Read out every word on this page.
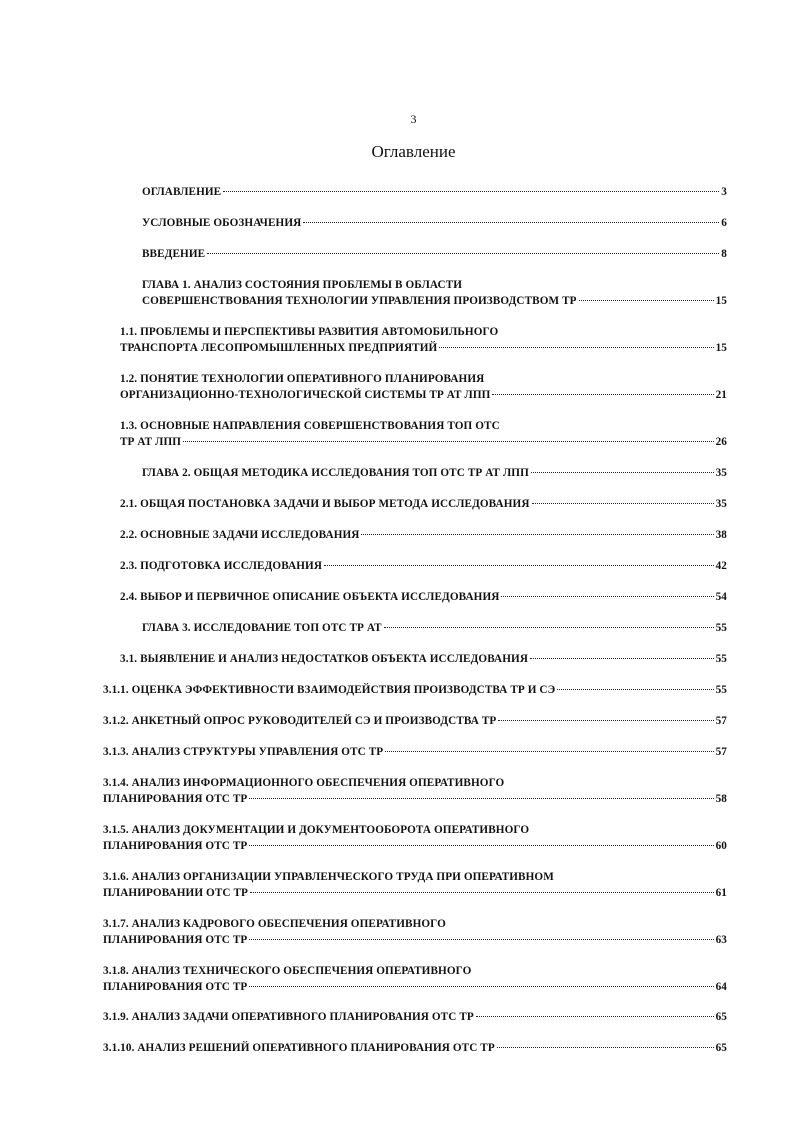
3
Оглавление
ОГЛАВЛЕНИЕ	3
УСЛОВНЫЕ ОБОЗНАЧЕНИЯ	6
ВВЕДЕНИЕ	8
ГЛАВА 1. АНАЛИЗ СОСТОЯНИЯ ПРОБЛЕМЫ В ОБЛАСТИ
СОВЕРШЕНСТВОВАНИЯ ТЕХНОЛОГИИ УПРАВЛЕНИЯ ПРОИЗВОДСТВОМ ТР	15
1.1. ПРОБЛЕМЫ И ПЕРСПЕКТИВЫ РАЗВИТИЯ АВТОМОБИЛЬНОГО
ТРАНСПОРТА ЛЕСОПРОМЫШЛЕННЫХ ПРЕДПРИЯТИЙ	15
1.2. ПОНЯТИЕ ТЕХНОЛОГИИ ОПЕРАТИВНОГО ПЛАНИРОВАНИЯ
ОРГАНИЗАЦИОННО-ТЕХНОЛОГИЧЕСКОЙ СИСТЕМЫ ТР АТ ЛПП	21
1.3. ОСНОВНЫЕ НАПРАВЛЕНИЯ СОВЕРШЕНСТВОВАНИЯ ТОП ОТС
ТР АТ ЛПП	26
ГЛАВА 2. ОБЩАЯ МЕТОДИКА ИССЛЕДОВАНИЯ ТОП ОТС ТР АТ ЛПП	35
2.1. ОБЩАЯ ПОСТАНОВКА ЗАДАЧИ И ВЫБОР МЕТОДА ИССЛЕДОВАНИЯ	35
2.2. ОСНОВНЫЕ ЗАДАЧИ ИССЛЕДОВАНИЯ	38
2.3. ПОДГОТОВКА ИССЛЕДОВАНИЯ	42
2.4. ВЫБОР И ПЕРВИЧНОЕ ОПИСАНИЕ ОБЪЕКТА ИССЛЕДОВАНИЯ	54
ГЛАВА 3. ИССЛЕДОВАНИЕ ТОП ОТС ТР АТ	55
3.1. ВЫЯВЛЕНИЕ И АНАЛИЗ НЕДОСТАТКОВ ОБЪЕКТА ИССЛЕДОВАНИЯ	55
3.1.1. ОЦЕНКА ЭФФЕКТИВНОСТИ ВЗАИМОДЕЙСТВИЯ ПРОИЗВОДСТВА ТР И СЭ	55
3.1.2. АНКЕТНЫЙ ОПРОС РУКОВОДИТЕЛЕЙ СЭ И ПРОИЗВОДСТВА ТР	57
3.1.3. АНАЛИЗ СТРУКТУРЫ УПРАВЛЕНИЯ ОТС ТР	57
3.1.4. АНАЛИЗ ИНФОРМАЦИОННОГО ОБЕСПЕЧЕНИЯ ОПЕРАТИВНОГО
ПЛАНИРОВАНИЯ ОТС ТР	58
3.1.5. АНАЛИЗ ДОКУМЕНТАЦИИ И ДОКУМЕНТООБОРОТА ОПЕРАТИВНОГО
ПЛАНИРОВАНИЯ ОТС ТР	60
3.1.6. АНАЛИЗ ОРГАНИЗАЦИИ УПРАВЛЕНЧЕСКОГО ТРУДА ПРИ ОПЕРАТИВНОМ
ПЛАНИРОВАНИИ ОТС ТР	61
3.1.7. АНАЛИЗ КАДРОВОГО ОБЕСПЕЧЕНИЯ ОПЕРАТИВНОГО
ПЛАНИРОВАНИЯ ОТС ТР	63
3.1.8. АНАЛИЗ ТЕХНИЧЕСКОГО ОБЕСПЕЧЕНИЯ ОПЕРАТИВНОГО
ПЛАНИРОВАНИЯ ОТС ТР	64
3.1.9. АНАЛИЗ ЗАДАЧИ ОПЕРАТИВНОГО ПЛАНИРОВАНИЯ ОТС ТР	65
3.1.10. АНАЛИЗ РЕШЕНИЙ ОПЕРАТИВНОГО ПЛАНИРОВАНИЯ ОТС ТР	65
